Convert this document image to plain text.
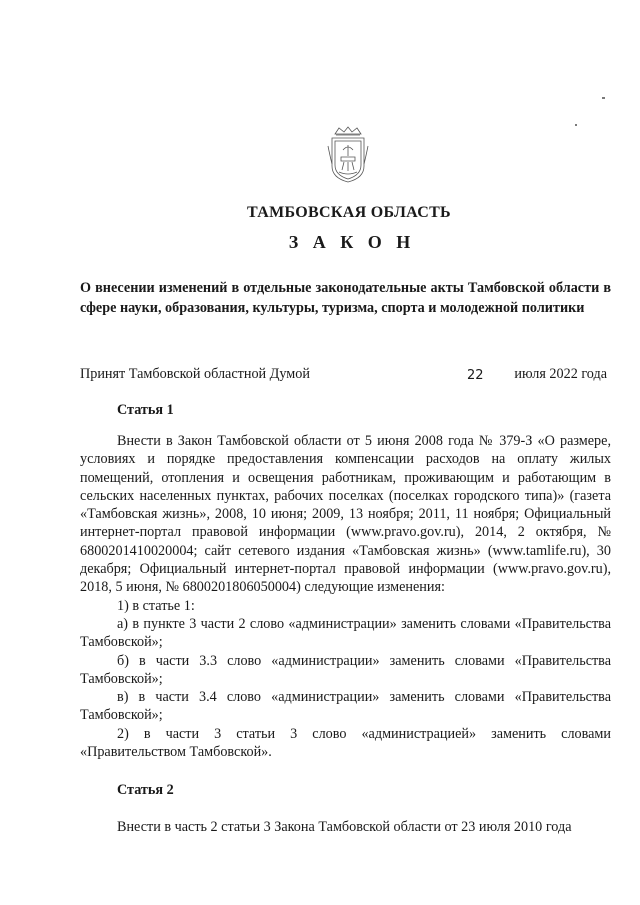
ТАМБОВСКАЯ ОБЛАСТЬ
З А К О Н

О внесении изменений в отдельные законодательные акты Тамбовской области в сфере науки, образования, культуры, туризма, спорта и молодежной политики

Принят Тамбовской областной Думой	22 июля 2022 года
Статья 1

Внести в Закон Тамбовской области от 5 июня 2008 года № 379-З «О размере, условиях и порядке предоставления компенсации расходов на оплату жилых помещений, отопления и освещения работникам, проживающим и работающим в сельских населенных пунктах, рабочих поселках (поселках городского типа)» (газета «Тамбовская жизнь», 2008, 10 июня; 2009, 13 ноября; 2011, 11 ноября; Официальный интернет-портал правовой информации (www.pravo.gov.ru), 2014, 2 октября, № 6800201410020004; сайт сетевого издания «Тамбовская жизнь» (www.tamlife.ru), 30 декабря; Официальный интернет-портал правовой информации (www.pravo.gov.ru), 2018, 5 июня, № 6800201806050004) следующие изменения:

1) в статье 1:

а) в пункте 3 части 2 слово «администрации» заменить словами «Правительства Тамбовской»;

б) в части 3.3 слово «администрации» заменить словами «Правительства Тамбовской»;

в) в части 3.4 слово «администрации» заменить словами «Правительства Тамбовской»;

2) в части 3 статьи 3 слово «администрацией» заменить словами «Правительством Тамбовской».

Статья 2

Внести в часть 2 статьи 3 Закона Тамбовской области от 23 июля 2010 года
